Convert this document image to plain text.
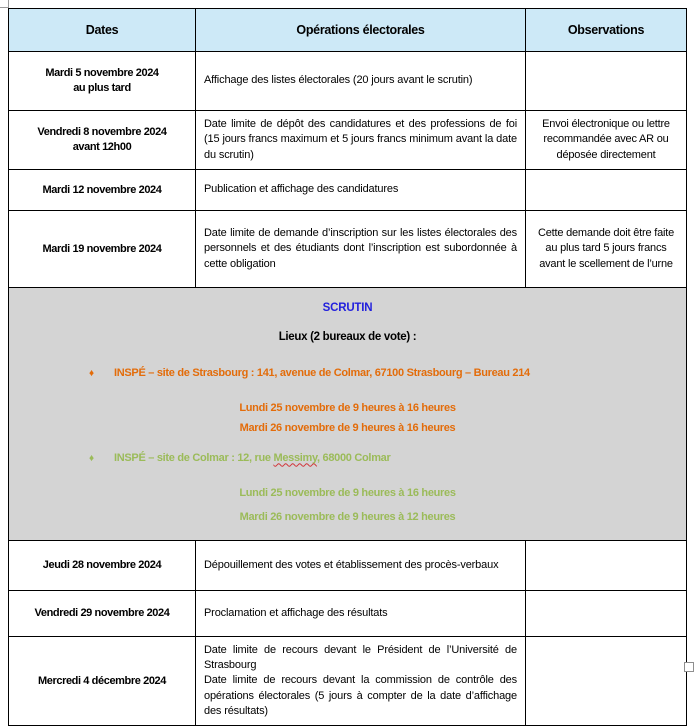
Dates	Opérations électorales	Observations

Mardi 5 novembre 2024
au plus tard	Affichage des listes électorales (20 jours avant le scrutin)	

Vendredi 8 novembre 2024
avant 12h00	Date limite de dépôt des candidatures et des professions de foi (15 jours francs maximum et 5 jours francs minimum avant la date du scrutin)	Envoi électronique ou lettre recommandée avec AR ou déposée directement

Mardi 12 novembre 2024	Publication et affichage des candidatures	

Mardi 19 novembre 2024	Date limite de demande d’inscription sur les listes électorales des personnels et des étudiants dont l’inscription est subordonnée à cette obligation	Cette demande doit être faite au plus tard 5 jours francs avant le scellement de l’urne

SCRUTIN
Lieux (2 bureaux de vote) :
♦ INSPÉ – site de Strasbourg : 141, avenue de Colmar, 67100 Strasbourg – Bureau 214
Lundi 25 novembre de 9 heures à 16 heures
Mardi 26 novembre de 9 heures à 16 heures
♦ INSPÉ – site de Colmar : 12, rue Messimy, 68000 Colmar
Lundi 25 novembre de 9 heures à 16 heures
Mardi 26 novembre de 9 heures à 12 heures

Jeudi 28 novembre 2024	Dépouillement des votes et établissement des procès-verbaux	

Vendredi 29 novembre 2024	Proclamation et affichage des résultats	

Mercredi 4 décembre 2024	Date limite de recours devant le Président de l’Université de Strasbourg
Date limite de recours devant la commission de contrôle des opérations électorales (5 jours à compter de la date d’affichage des résultats)	
